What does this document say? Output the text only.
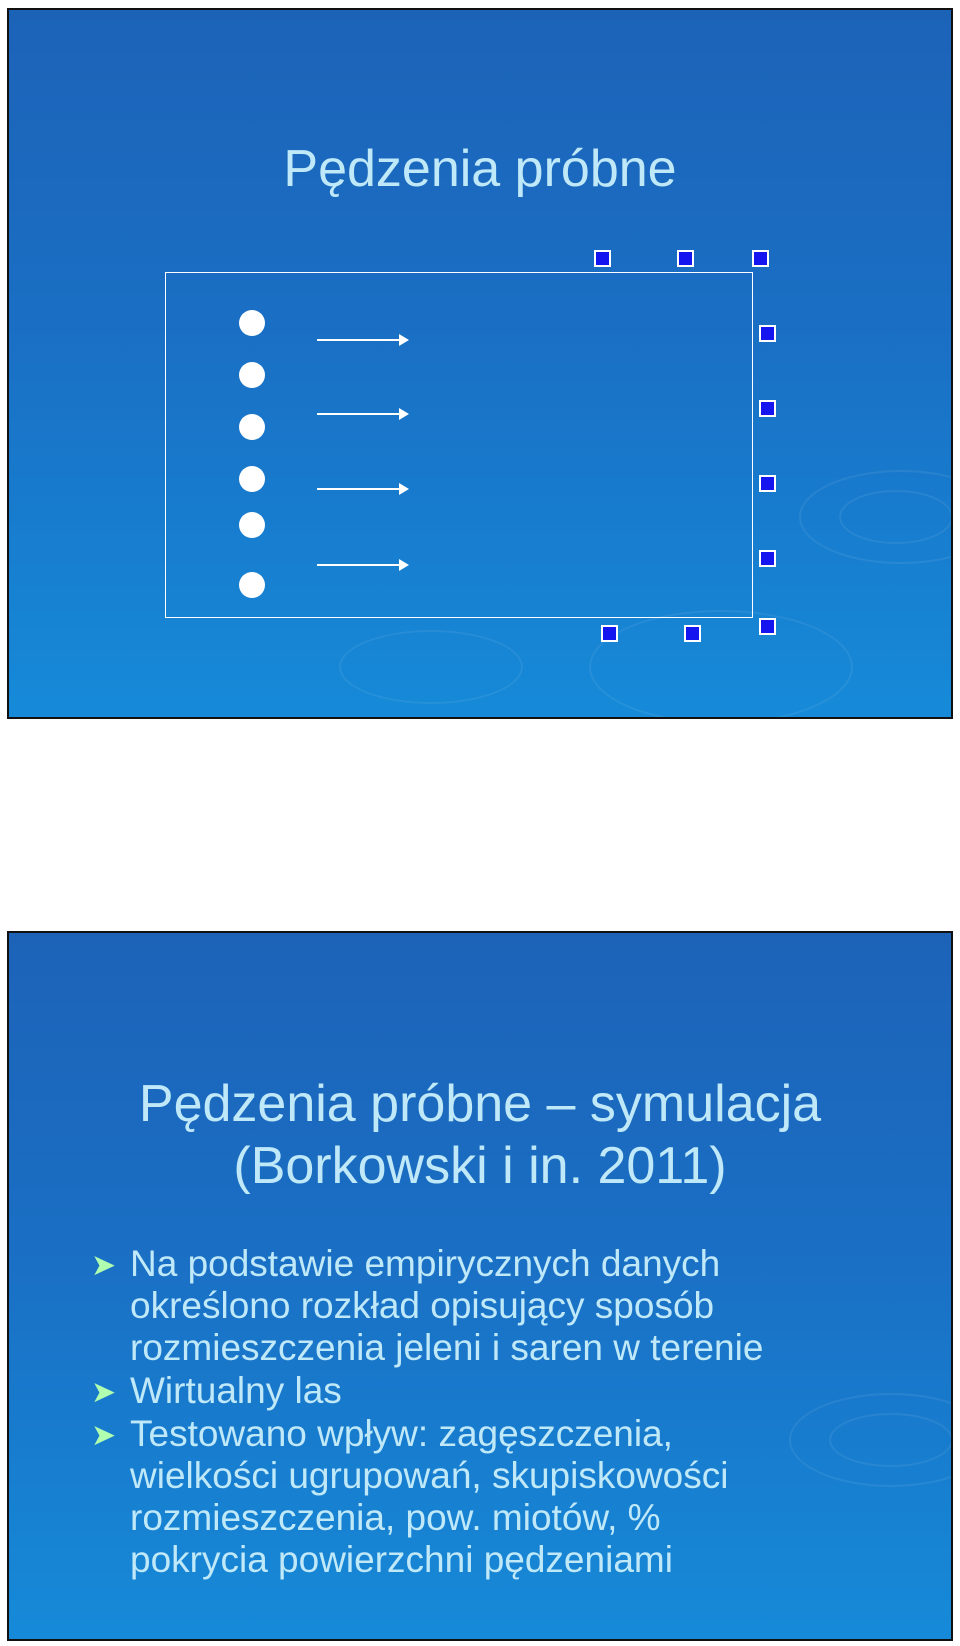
Pędzenia próbne
Pędzenia próbne – symulacja
(Borkowski i in. 2011)
➤ Na podstawie empirycznych danych
określono rozkład opisujący sposób
rozmieszczenia jeleni i saren w terenie
➤ Wirtualny las
➤ Testowano wpływ: zagęszczenia,
wielkości ugrupowań, skupiskowości
rozmieszczenia, pow. miotów, %
pokrycia powierzchni pędzeniami
